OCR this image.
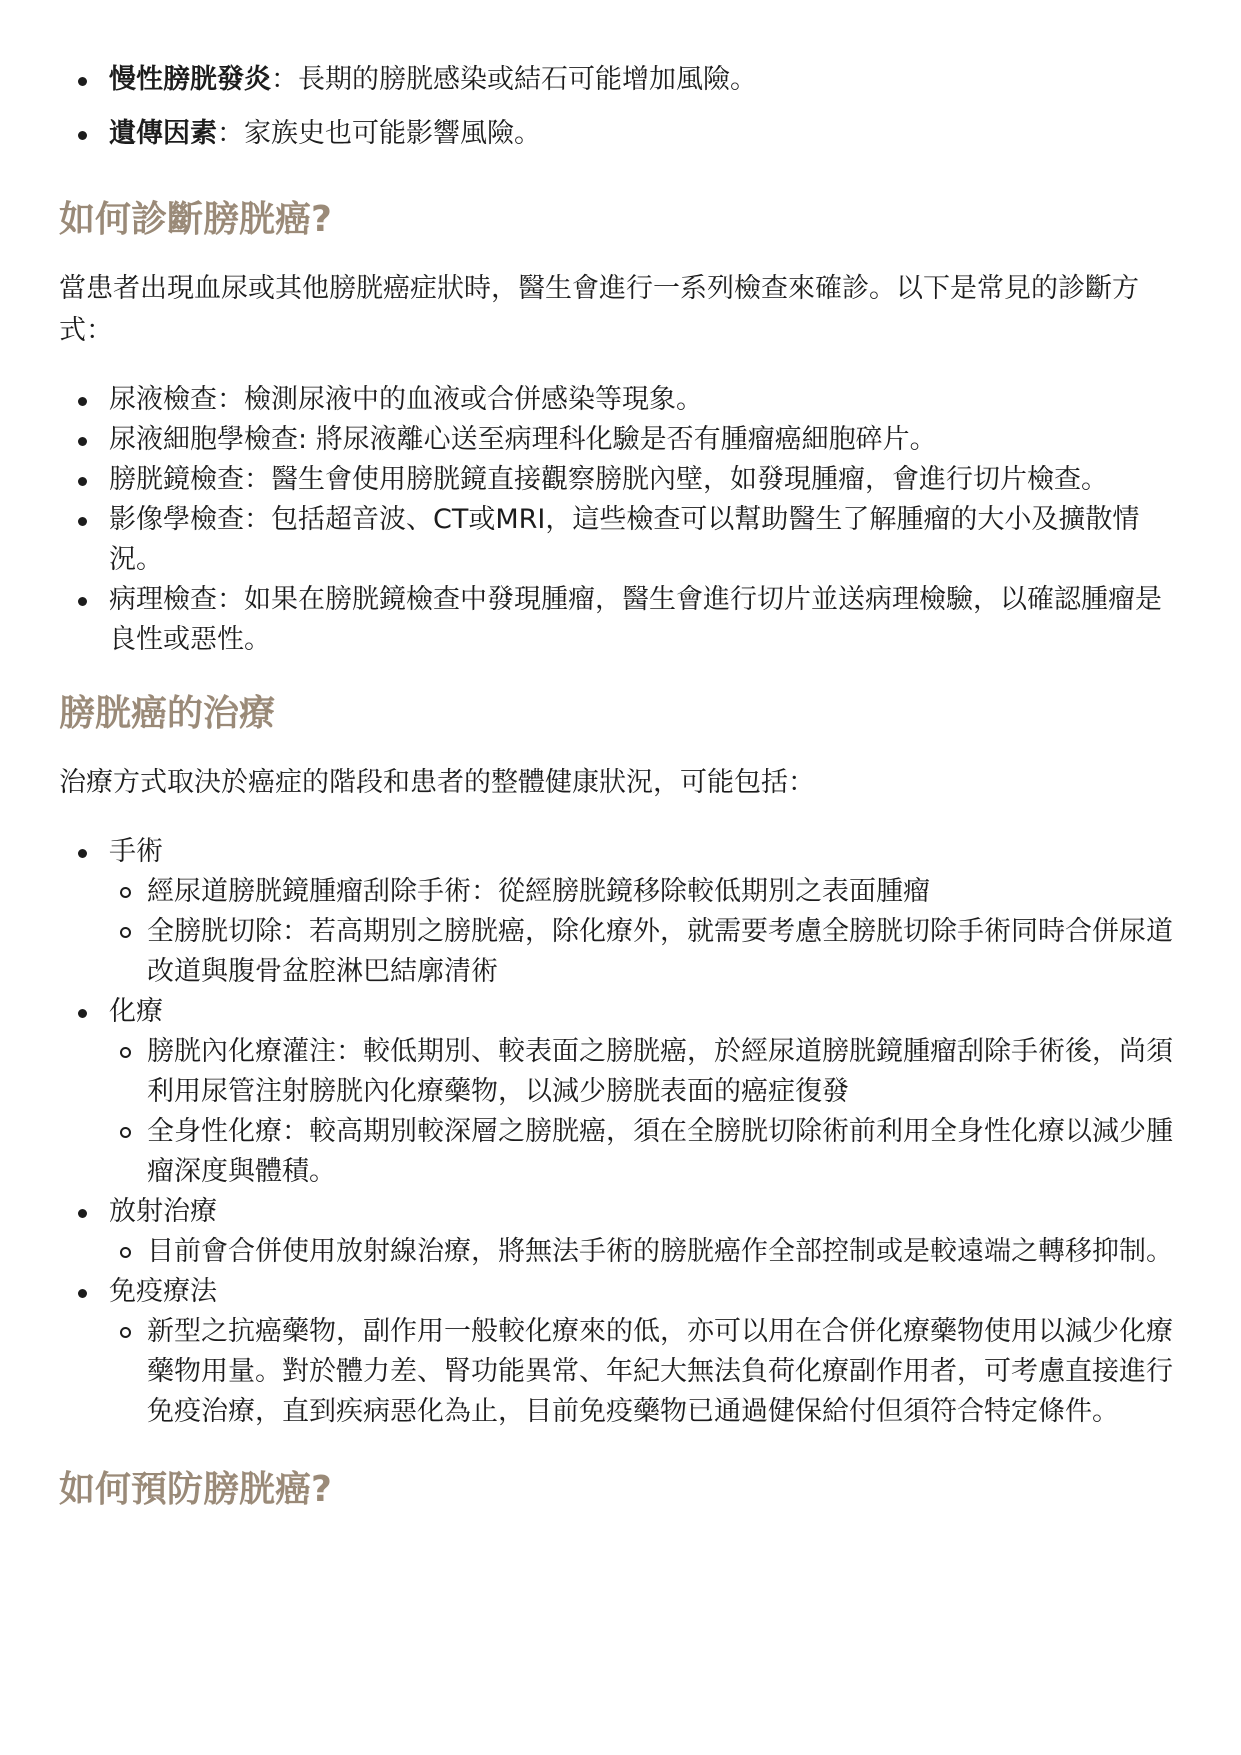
慢性膀胱發炎：長期的膀胱感染或結石可能增加風險。
遺傳因素：家族史也可能影響風險。
如何診斷膀胱癌?

當患者出現血尿或其他膀胱癌症狀時，醫生會進行一系列檢查來確診。以下是常見的診斷方式：

尿液檢查：檢測尿液中的血液或合併感染等現象。
尿液細胞學檢查: 將尿液離心送至病理科化驗是否有腫瘤癌細胞碎片。
膀胱鏡檢查：醫生會使用膀胱鏡直接觀察膀胱內壁，如發現腫瘤，會進行切片檢查。
影像學檢查：包括超音波、CT或MRI，這些檢查可以幫助醫生了解腫瘤的大小及擴散情況。
病理檢查：如果在膀胱鏡檢查中發現腫瘤，醫生會進行切片並送病理檢驗，以確認腫瘤是良性或惡性。
膀胱癌的治療

治療方式取決於癌症的階段和患者的整體健康狀況，可能包括：

手術
經尿道膀胱鏡腫瘤刮除手術：從經膀胱鏡移除較低期別之表面腫瘤
全膀胱切除：若高期別之膀胱癌，除化療外，就需要考慮全膀胱切除手術同時合併尿道改道與腹骨盆腔淋巴結廓清術
化療
膀胱內化療灌注：較低期別、較表面之膀胱癌，於經尿道膀胱鏡腫瘤刮除手術後，尚須利用尿管注射膀胱內化療藥物，以減少膀胱表面的癌症復發
全身性化療：較高期別較深層之膀胱癌，須在全膀胱切除術前利用全身性化療以減少腫瘤深度與體積。
放射治療
目前會合併使用放射線治療，將無法手術的膀胱癌作全部控制或是較遠端之轉移抑制。
免疫療法
新型之抗癌藥物，副作用一般較化療來的低，亦可以用在合併化療藥物使用以減少化療藥物用量。對於體力差、腎功能異常、年紀大無法負荷化療副作用者，可考慮直接進行免疫治療，直到疾病惡化為止，目前免疫藥物已通過健保給付但須符合特定條件。
如何預防膀胱癌?
